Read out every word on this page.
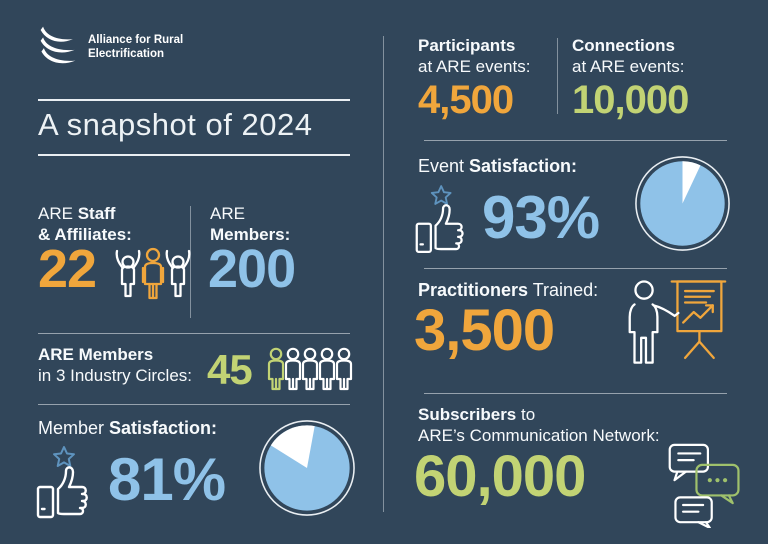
Alliance for Rural
Electrification
A snapshot of 2024
ARE Staff
& Affiliates:
22
ARE
Members:
200
ARE Members
in 3 Industry Circles: 45
Member Satisfaction:
81%
Participants
at ARE events:
4,500
Connections
at ARE events:
10,000
Event Satisfaction:
93%
Practitioners Trained:
3,500
Subscribers to
ARE’s Communication Network:
60,000
